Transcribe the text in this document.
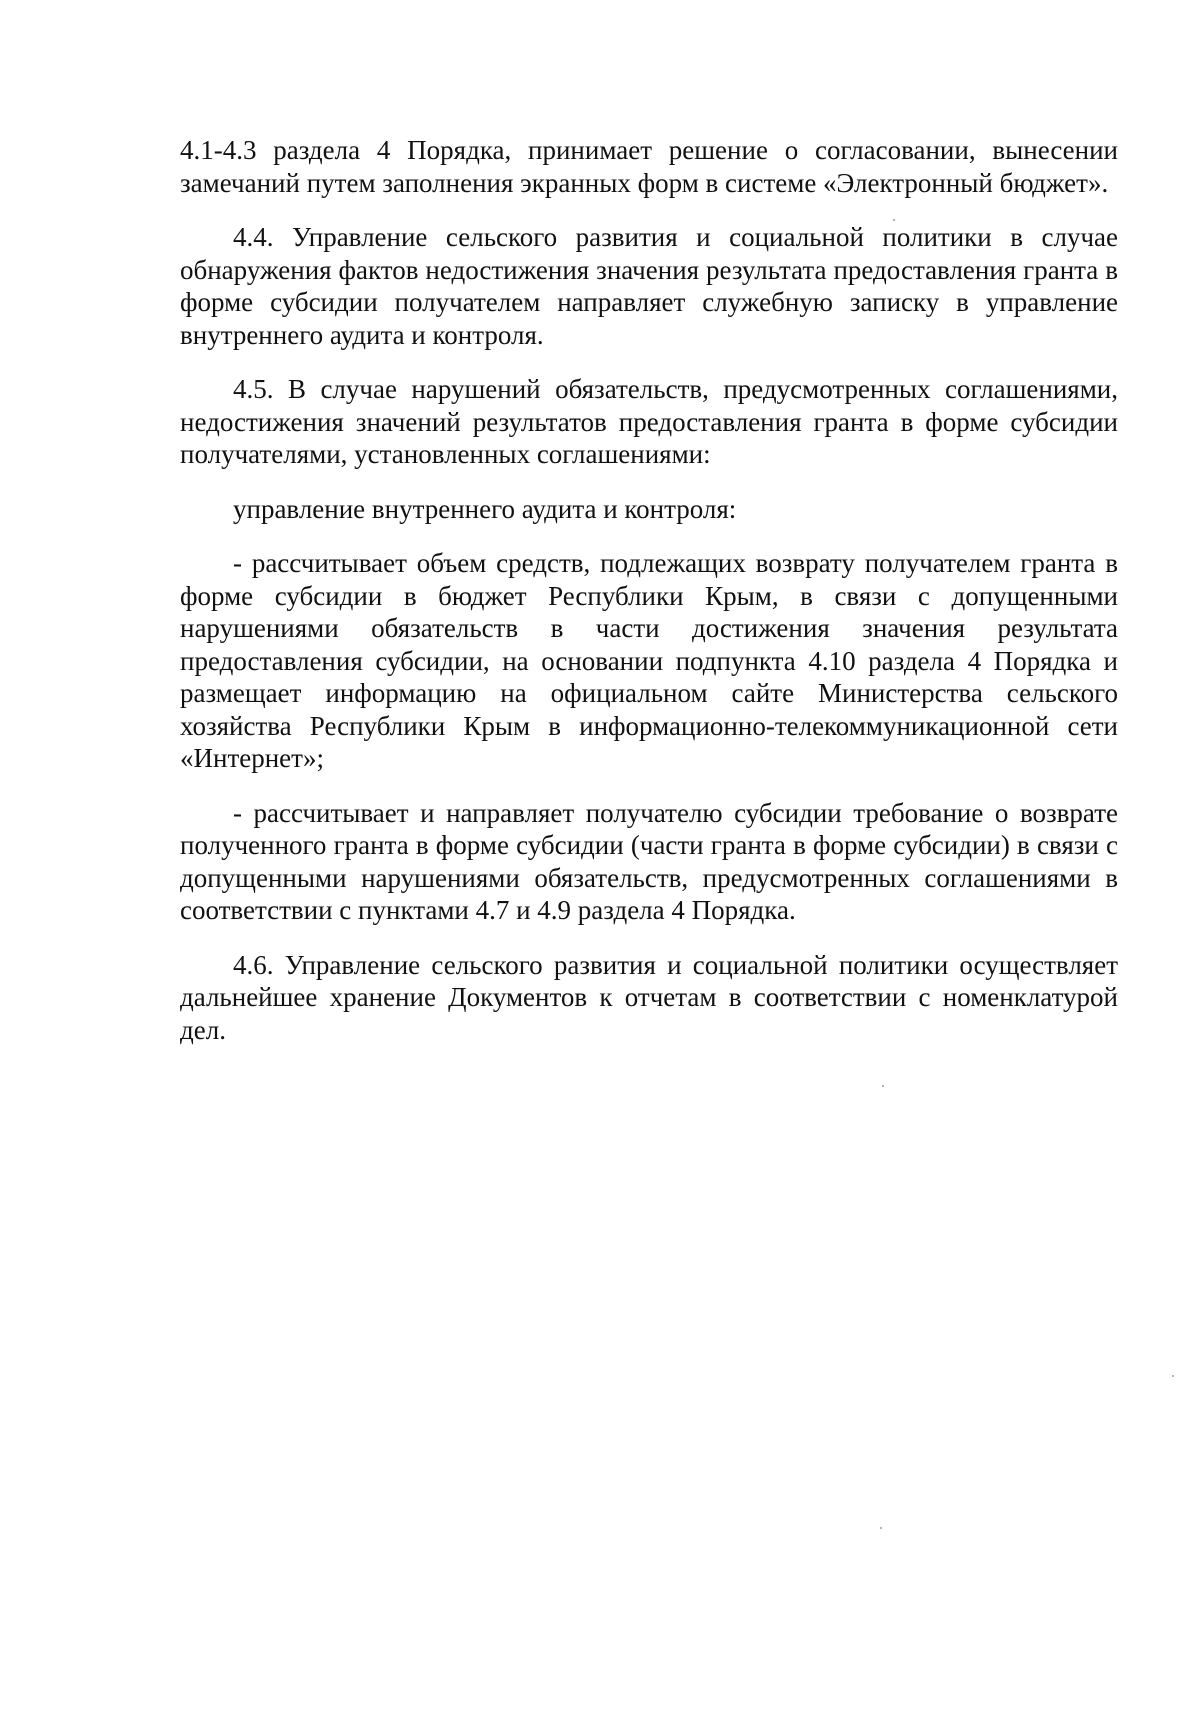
4.1-4.3 раздела 4 Порядка, принимает решение о согласовании, вынесении замечаний путем заполнения экранных форм в системе «Электронный бюджет».

4.4. Управление сельского развития и социальной политики в случае обнаружения фактов недостижения значения результата предоставления гранта в форме субсидии получателем направляет служебную записку в управление внутреннего аудита и контроля.

4.5. В случае нарушений обязательств, предусмотренных соглашениями, недостижения значений результатов предоставления гранта в форме субсидии получателями, установленных соглашениями:

управление внутреннего аудита и контроля:

- рассчитывает объем средств, подлежащих возврату получателем гранта в форме субсидии в бюджет Республики Крым, в связи с допущенными нарушениями обязательств в части достижения значения результата предоставления субсидии, на основании подпункта 4.10 раздела 4 Порядка и размещает информацию на официальном сайте Министерства сельского хозяйства Республики Крым в информационно-телекоммуникационной сети «Интернет»;

- рассчитывает и направляет получателю субсидии требование о возврате полученного гранта в форме субсидии (части гранта в форме субсидии) в связи с допущенными нарушениями обязательств, предусмотренных соглашениями в соответствии с пунктами 4.7 и 4.9 раздела 4 Порядка.

4.6. Управление сельского развития и социальной политики осуществляет дальнейшее хранение Документов к отчетам в соответствии с номенклатурой дел.
